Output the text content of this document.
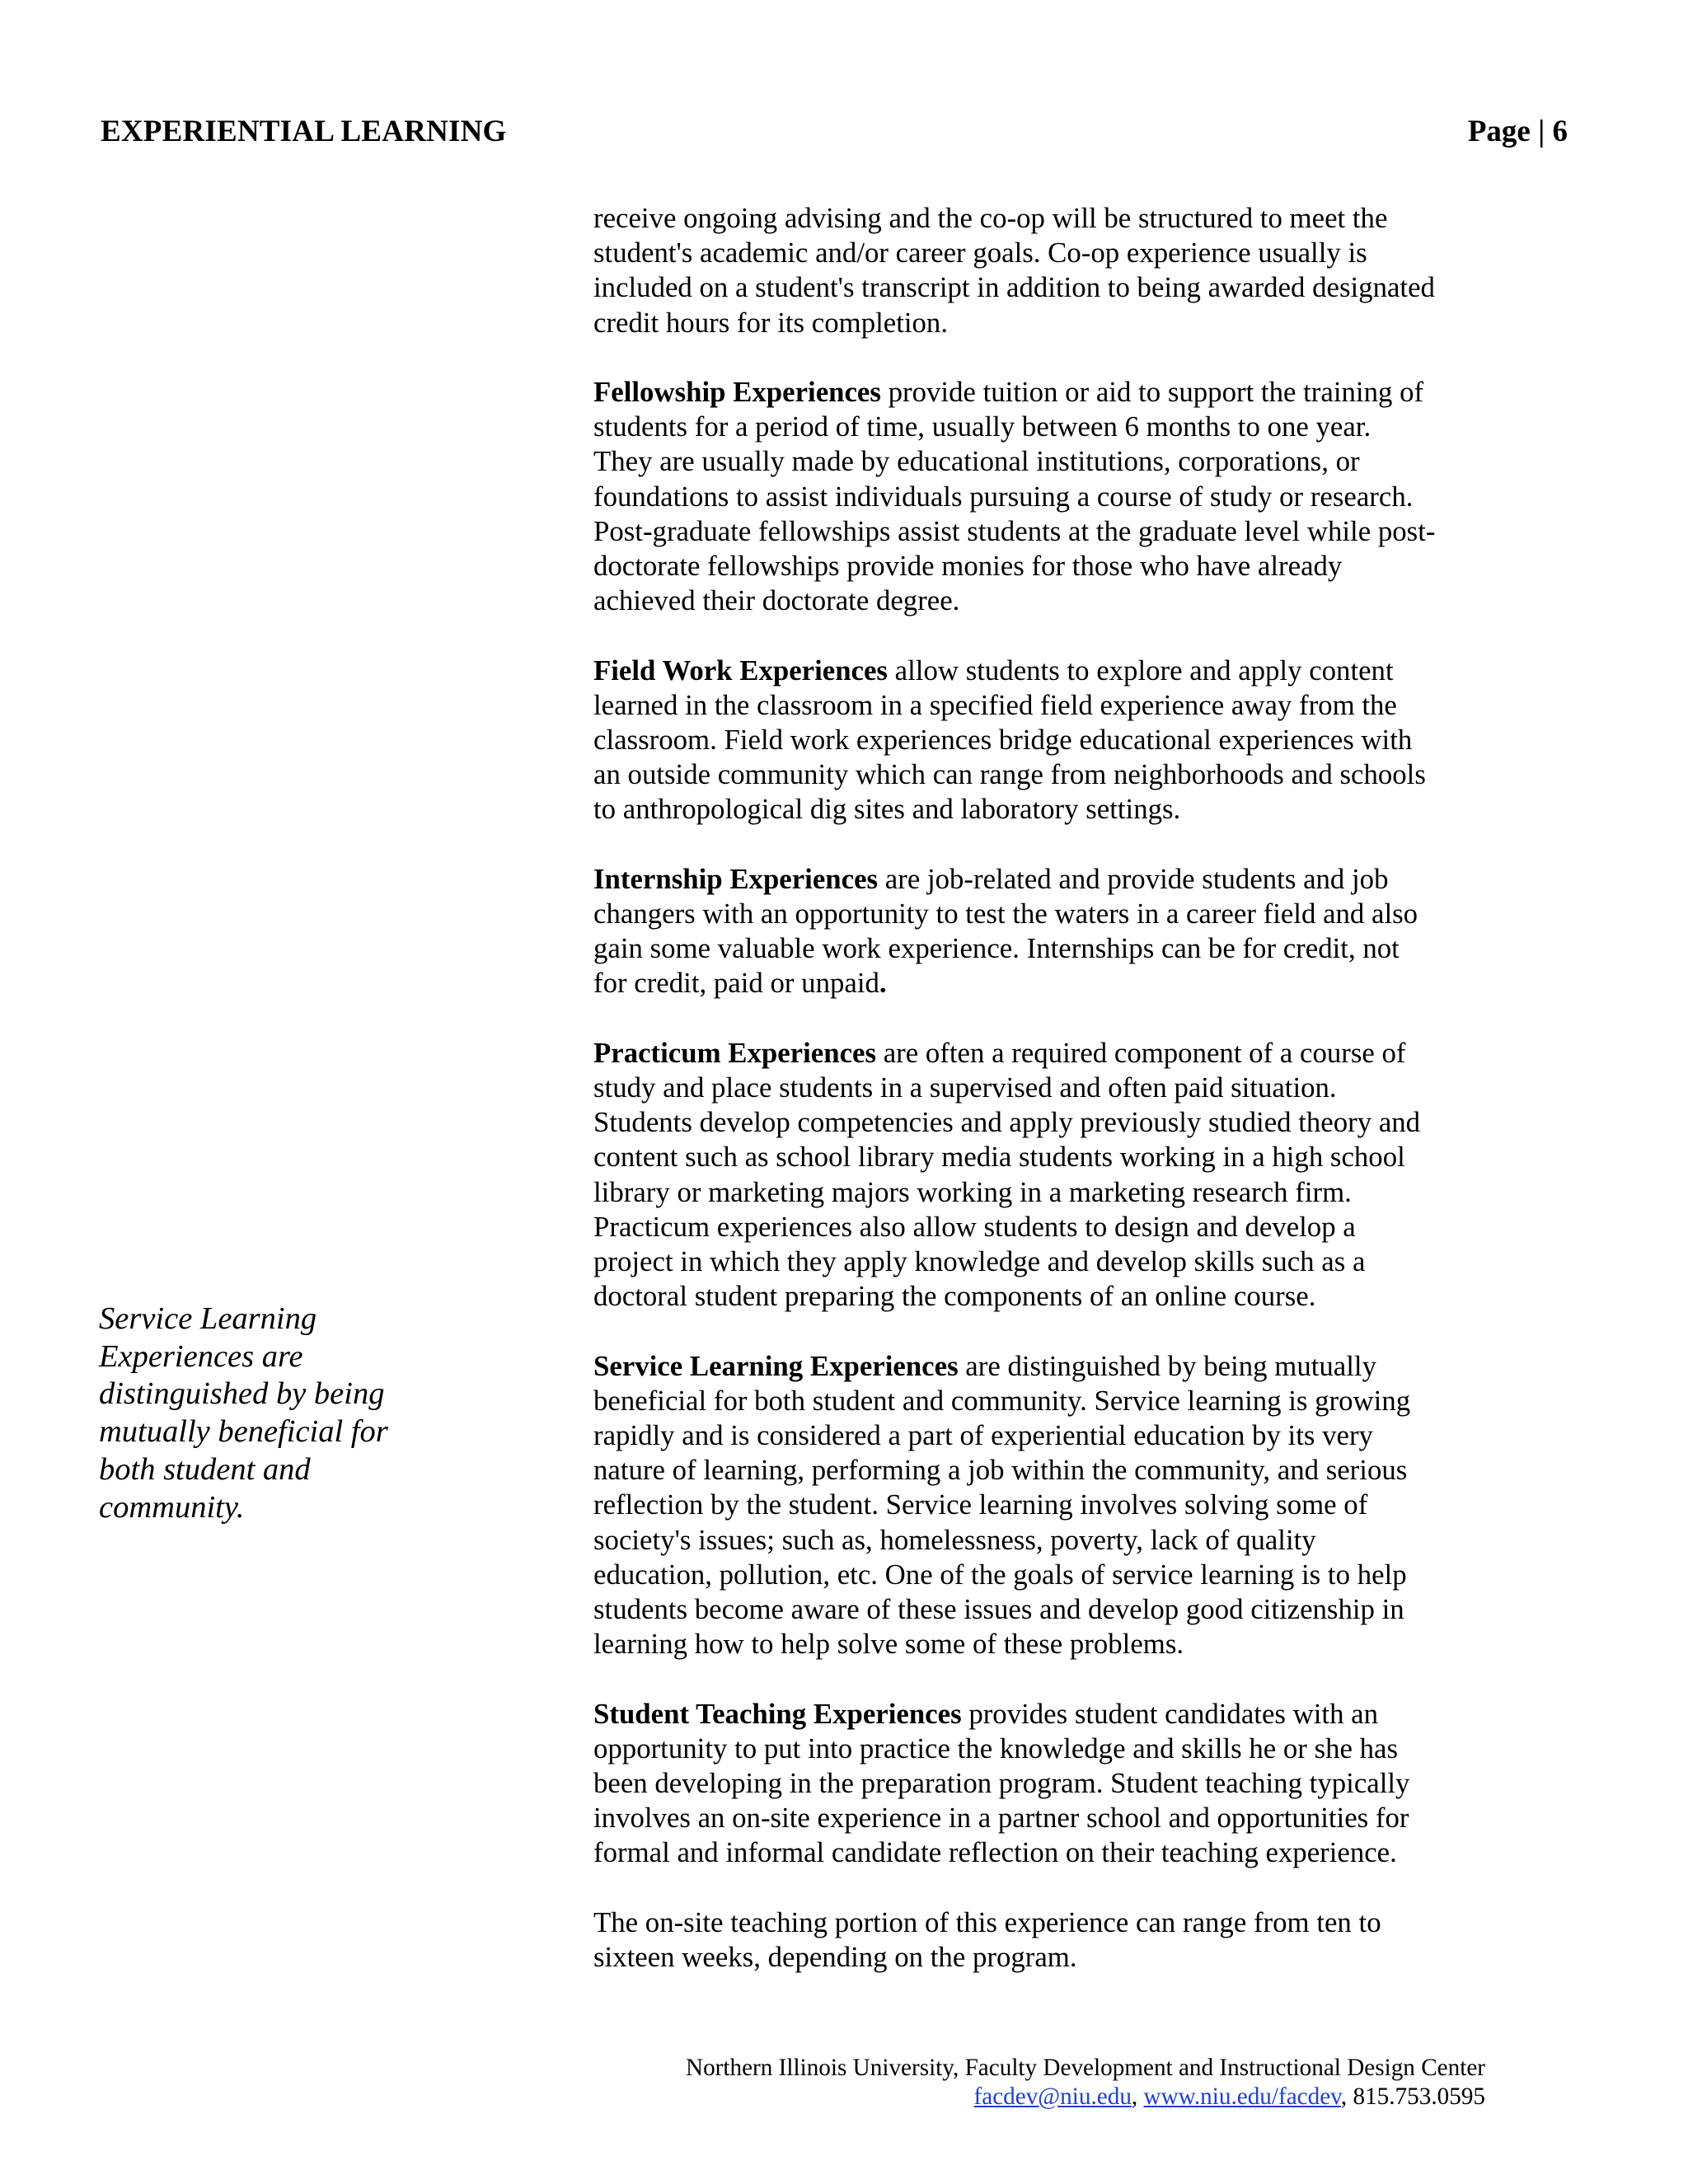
EXPERIENTIAL LEARNING	Page | 6
Service Learning
Experiences are
distinguished by being
mutually beneficial for
both student and
community.

receive ongoing advising and the co-op will be structured to meet the
student's academic and/or career goals. Co-op experience usually is
included on a student's transcript in addition to being awarded designated
credit hours for its completion.

Fellowship Experiences provide tuition or aid to support the training of
students for a period of time, usually between 6 months to one year.
They are usually made by educational institutions, corporations, or
foundations to assist individuals pursuing a course of study or research.
Post-graduate fellowships assist students at the graduate level while post-
doctorate fellowships provide monies for those who have already
achieved their doctorate degree.

Field Work Experiences allow students to explore and apply content
learned in the classroom in a specified field experience away from the
classroom. Field work experiences bridge educational experiences with
an outside community which can range from neighborhoods and schools
to anthropological dig sites and laboratory settings.

Internship Experiences are job-related and provide students and job
changers with an opportunity to test the waters in a career field and also
gain some valuable work experience. Internships can be for credit, not
for credit, paid or unpaid.

Practicum Experiences are often a required component of a course of
study and place students in a supervised and often paid situation.
Students develop competencies and apply previously studied theory and
content such as school library media students working in a high school
library or marketing majors working in a marketing research firm.
Practicum experiences also allow students to design and develop a
project in which they apply knowledge and develop skills such as a
doctoral student preparing the components of an online course.

Service Learning Experiences are distinguished by being mutually
beneficial for both student and community. Service learning is growing
rapidly and is considered a part of experiential education by its very
nature of learning, performing a job within the community, and serious
reflection by the student. Service learning involves solving some of
society's issues; such as, homelessness, poverty, lack of quality
education, pollution, etc. One of the goals of service learning is to help
students become aware of these issues and develop good citizenship in
learning how to help solve some of these problems.

Student Teaching Experiences provides student candidates with an
opportunity to put into practice the knowledge and skills he or she has
been developing in the preparation program. Student teaching typically
involves an on-site experience in a partner school and opportunities for
formal and informal candidate reflection on their teaching experience.

The on-site teaching portion of this experience can range from ten to
sixteen weeks, depending on the program.

Northern Illinois University, Faculty Development and Instructional Design Center
facdev@niu.edu, www.niu.edu/facdev, 815.753.0595
